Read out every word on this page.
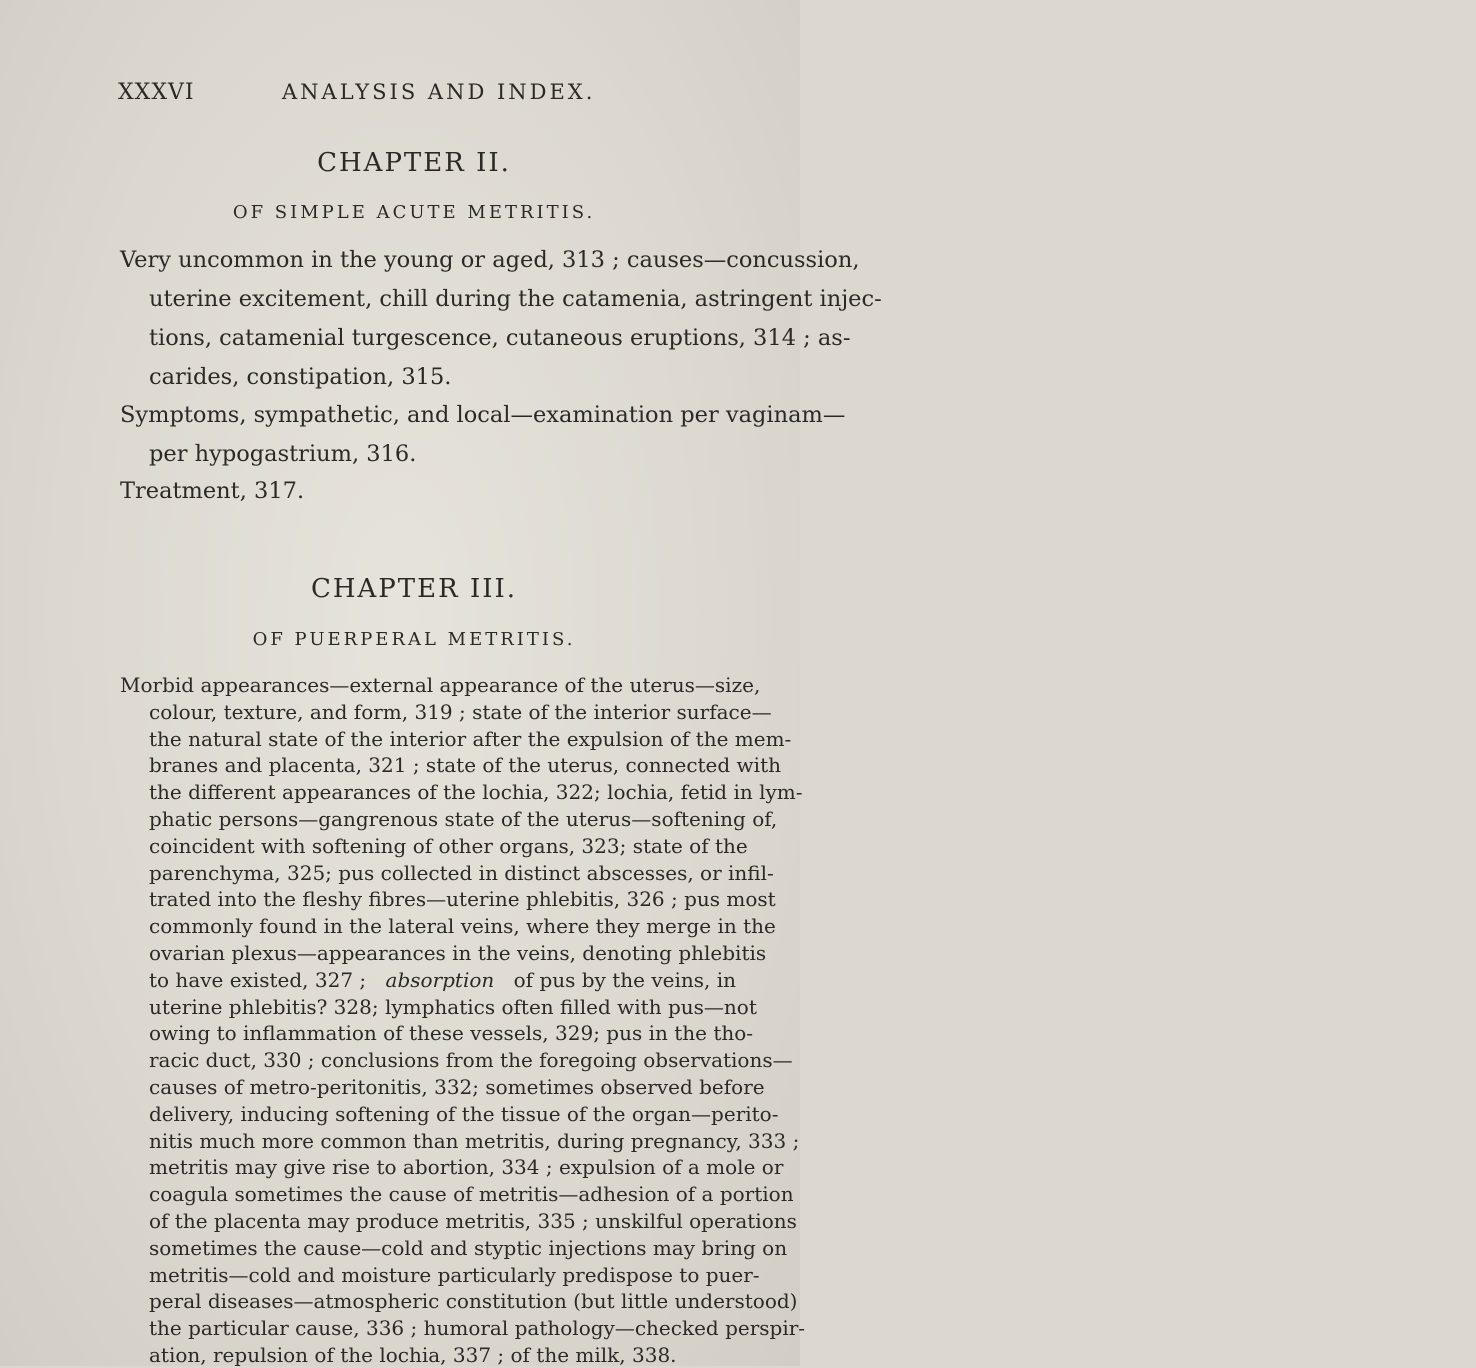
XXXVI	ANALYSIS AND INDEX.
CHAPTER II.
OF SIMPLE ACUTE METRITIS.
Very uncommon in the young or aged, 313 ; causes—concussion,
uterine excitement, chill during the catamenia, astringent injec-
tions, catamenial turgescence, cutaneous eruptions, 314 ; as-
carides, constipation, 315.
Symptoms, sympathetic, and local—examination per vaginam—
per hypogastrium, 316.
Treatment, 317.
CHAPTER III.
OF PUERPERAL METRITIS.
Morbid appearances—external appearance of the uterus—size,
colour, texture, and form, 319 ; state of the interior surface—
the natural state of the interior after the expulsion of the mem-
branes and placenta, 321 ; state of the uterus, connected with
the different appearances of the lochia, 322; lochia, fetid in lym-
phatic persons—gangrenous state of the uterus—softening of,
coincident with softening of other organs, 323; state of the
parenchyma, 325; pus collected in distinct abscesses, or infil-
trated into the fleshy fibres—uterine phlebitis, 326 ; pus most
commonly found in the lateral veins, where they merge in the
ovarian plexus—appearances in the veins, denoting phlebitis
to have existed, 327 ; absorption of pus by the veins, in
uterine phlebitis? 328; lymphatics often filled with pus—not
owing to inflammation of these vessels, 329; pus in the tho-
racic duct, 330 ; conclusions from the foregoing observations—
causes of metro-peritonitis, 332; sometimes observed before
delivery, inducing softening of the tissue of the organ—perito-
nitis much more common than metritis, during pregnancy, 333 ;
metritis may give rise to abortion, 334 ; expulsion of a mole or
coagula sometimes the cause of metritis—adhesion of a portion
of the placenta may produce metritis, 335 ; unskilful operations
sometimes the cause—cold and styptic injections may bring on
metritis—cold and moisture particularly predispose to puer-
peral diseases—atmospheric constitution (but little understood)
the particular cause, 336 ; humoral pathology—checked perspir-
ation, repulsion of the lochia, 337 ; of the milk, 338.
